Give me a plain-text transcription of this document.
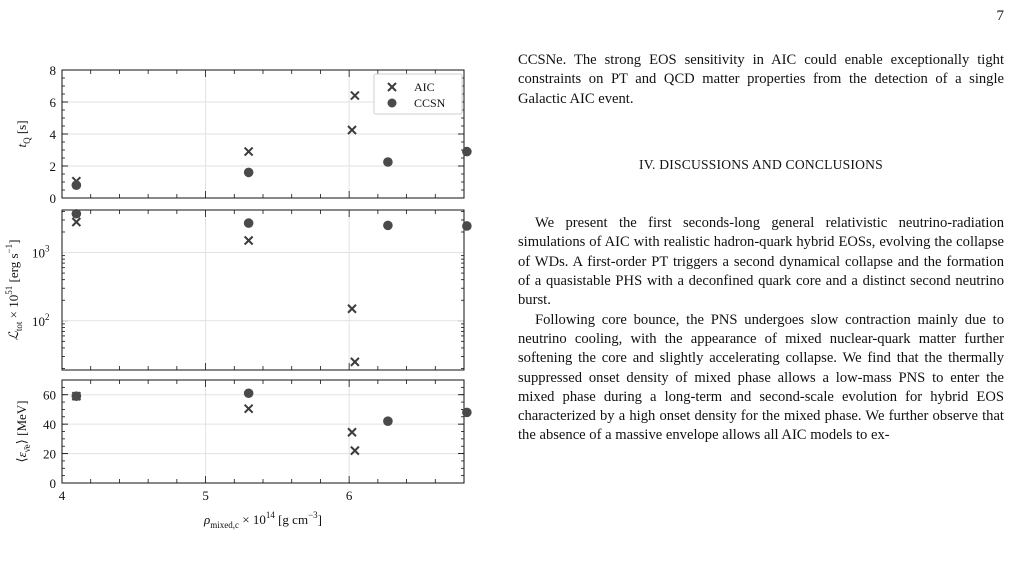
7
0
2
4
6
8
$t_Q$ [s]
AIC
CCSN
$10^3$
$10^2$
ℒ$_{tot}$ × $10^{51}$ [erg $s^{-1}$]
0
20
40
60
$⟨\varepsilon_{\nūe}⟩$ [MeV]
4	5	6
$\rho_{mixed,c} \times 10^{14}$ [g $cm^{-3}$]

CCSNe. The strong EOS sensitivity in AIC could enable exceptionally tight constraints on PT and QCD matter properties from the detection of a single Galactic AIC event.

IV. DISCUSSIONS AND CONCLUSIONS

We present the first seconds-long general relativistic neutrino-radiation simulations of AIC with realistic hadron-quark hybrid EOSs, evolving the collapse of WDs. A first-order PT triggers a second dynamical collapse and the formation of a quasistable PHS with a deconfined quark core and a distinct second neutrino burst.

Following core bounce, the PNS undergoes slow contraction mainly due to neutrino cooling, with the appearance of mixed nuclear-quark matter further softening the core and slightly accelerating collapse. We find that the thermally suppressed onset density of mixed phase allows a low-mass PNS to enter the mixed phase during a long-term and second-scale evolution for hybrid EOS characterized by a high onset density for the mixed phase. We further observe that the absence of a massive envelope allows all AIC models to ex-
